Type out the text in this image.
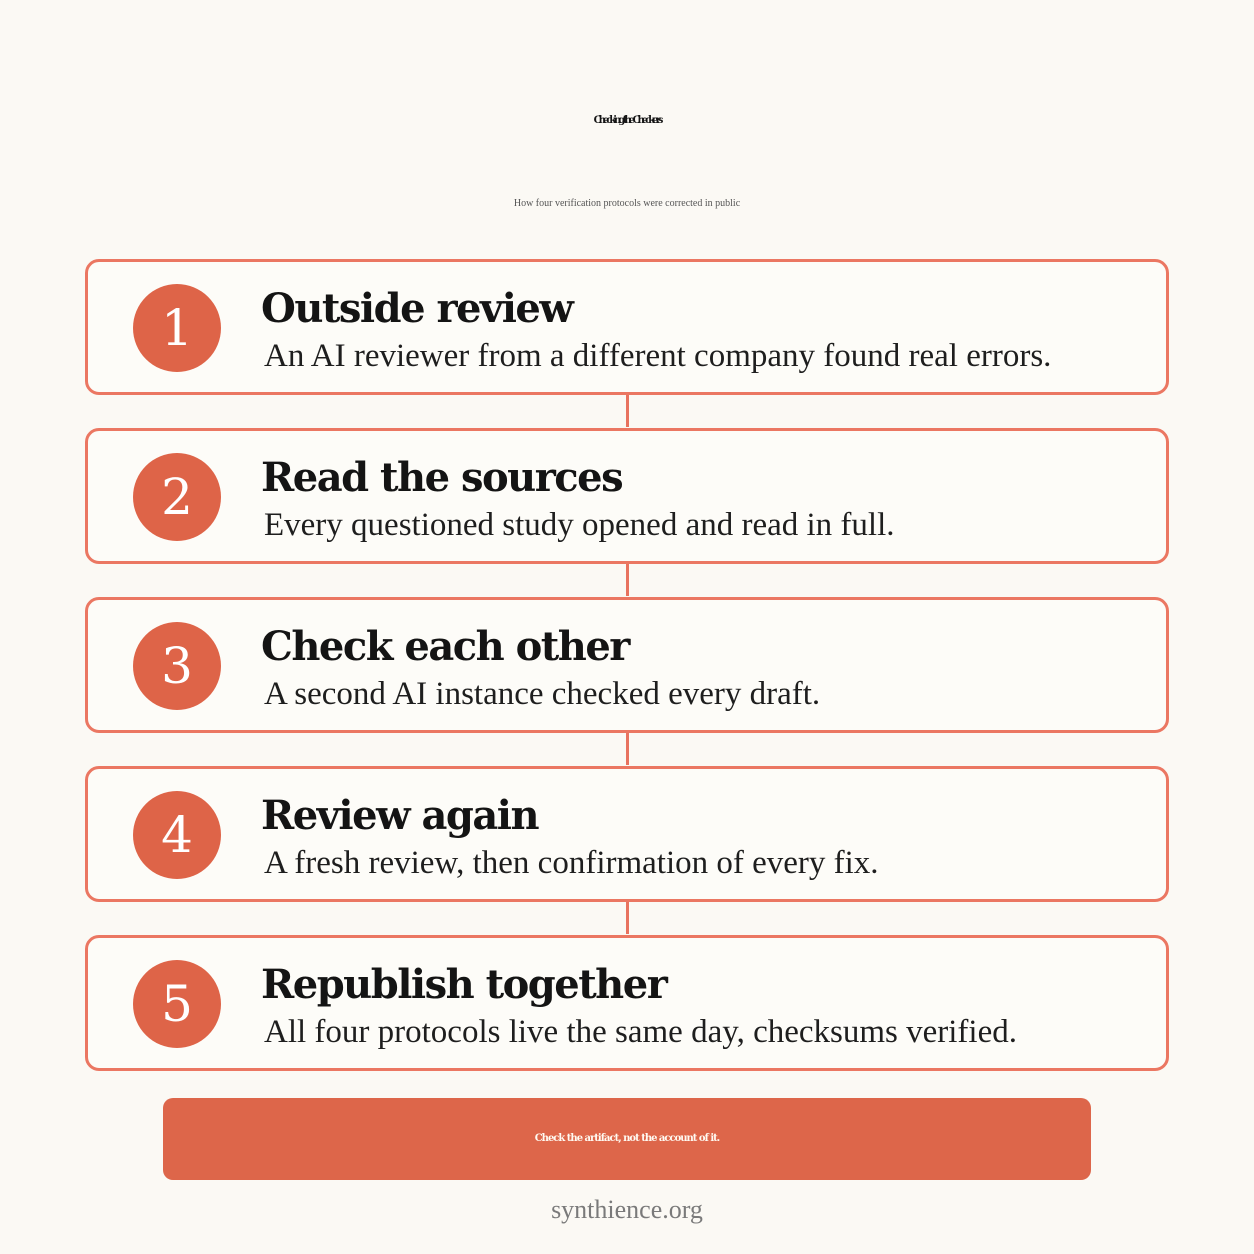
Checking the Checkers
How four verification protocols were corrected in public
1	Outside review
An AI reviewer from a different company found real errors.
2	Read the sources
Every questioned study opened and read in full.
3	Check each other
A second AI instance checked every draft.
4	Review again
A fresh review, then confirmation of every fix.
5	Republish together
All four protocols live the same day, checksums verified.
Check the artifact, not the account of it.
synthience.org
